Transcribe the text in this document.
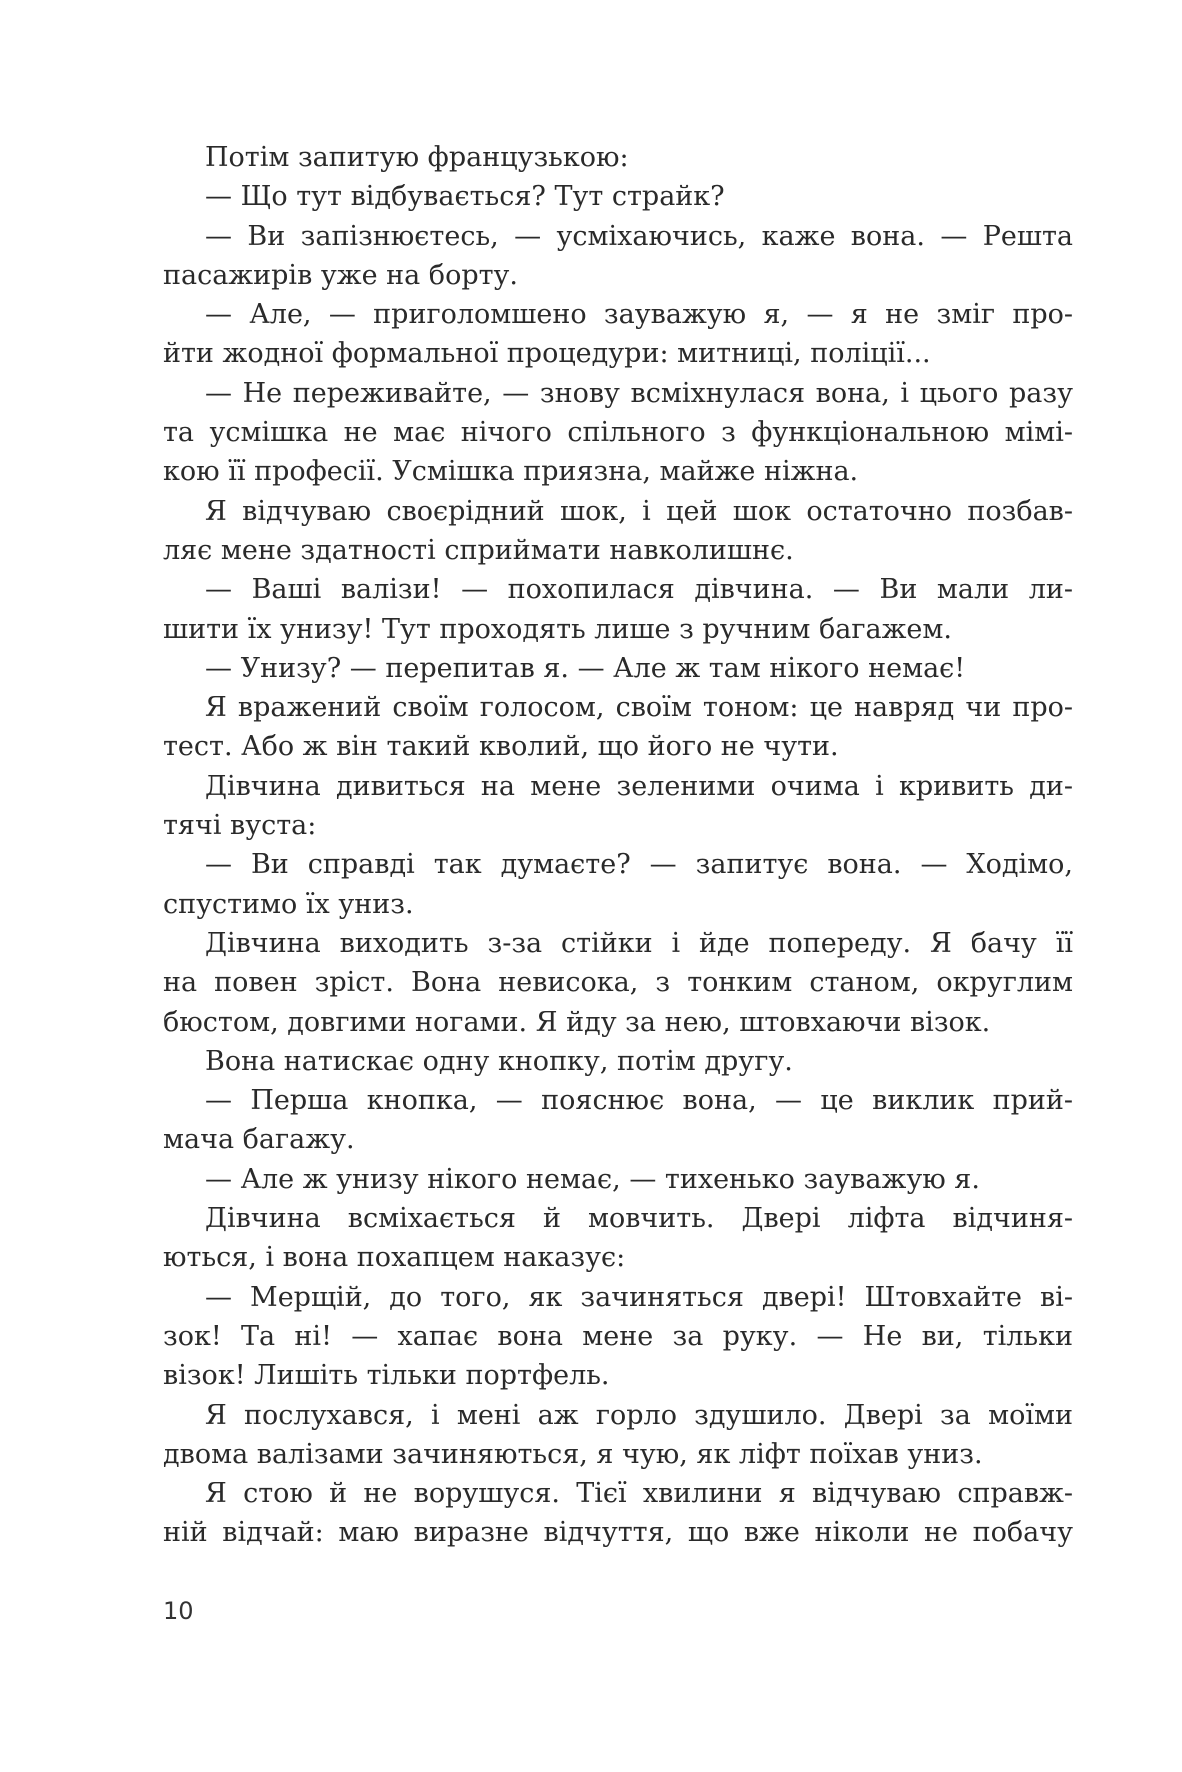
Потім запитую французькою:
— Що тут відбувається? Тут страйк?
— Ви запізнюєтесь, — усміхаючись, каже вона. — Решта
пасажирів уже на борту.
— Але, — приголомшено зауважую я, — я не зміг про-
йти жодної формальної процедури: митниці, поліції...
— Не переживайте, — знову всміхнулася вона, і цього разу
та усмішка не має нічого спільного з функціональною мімі-
кою її професії. Усмішка приязна, майже ніжна.
Я відчуваю своєрідний шок, і цей шок остаточно позбав-
ляє мене здатності сприймати навколишнє.
— Ваші валізи! — похопилася дівчина. — Ви мали ли-
шити їх унизу! Тут проходять лише з ручним багажем.
— Унизу? — перепитав я. — Але ж там нікого немає!
Я вражений своїм голосом, своїм тоном: це навряд чи про-
тест. Або ж він такий кволий, що його не чути.
Дівчина дивиться на мене зеленими очима і кривить ди-
тячі вуста:
— Ви справді так думаєте? — запитує вона. — Ходімо,
спустимо їх униз.
Дівчина виходить з-за стійки і йде попереду. Я бачу її
на повен зріст. Вона невисока, з тонким станом, округлим
бюстом, довгими ногами. Я йду за нею, штовхаючи візок.
Вона натискає одну кнопку, потім другу.
— Перша кнопка, — пояснює вона, — це виклик прий-
мача багажу.
— Але ж унизу нікого немає, — тихенько зауважую я.
Дівчина всміхається й мовчить. Двері ліфта відчиня-
ються, і вона похапцем наказує:
— Мерщій, до того, як зачиняться двері! Штовхайте ві-
зок! Та ні! — хапає вона мене за руку. — Не ви, тільки
візок! Лишіть тільки портфель.
Я послухався, і мені аж горло здушило. Двері за моїми
двома валізами зачиняються, я чую, як ліфт поїхав униз.
Я стою й не ворушуся. Тієї хвилини я відчуваю справж-
ній відчай: маю виразне відчуття, що вже ніколи не побачу
10
